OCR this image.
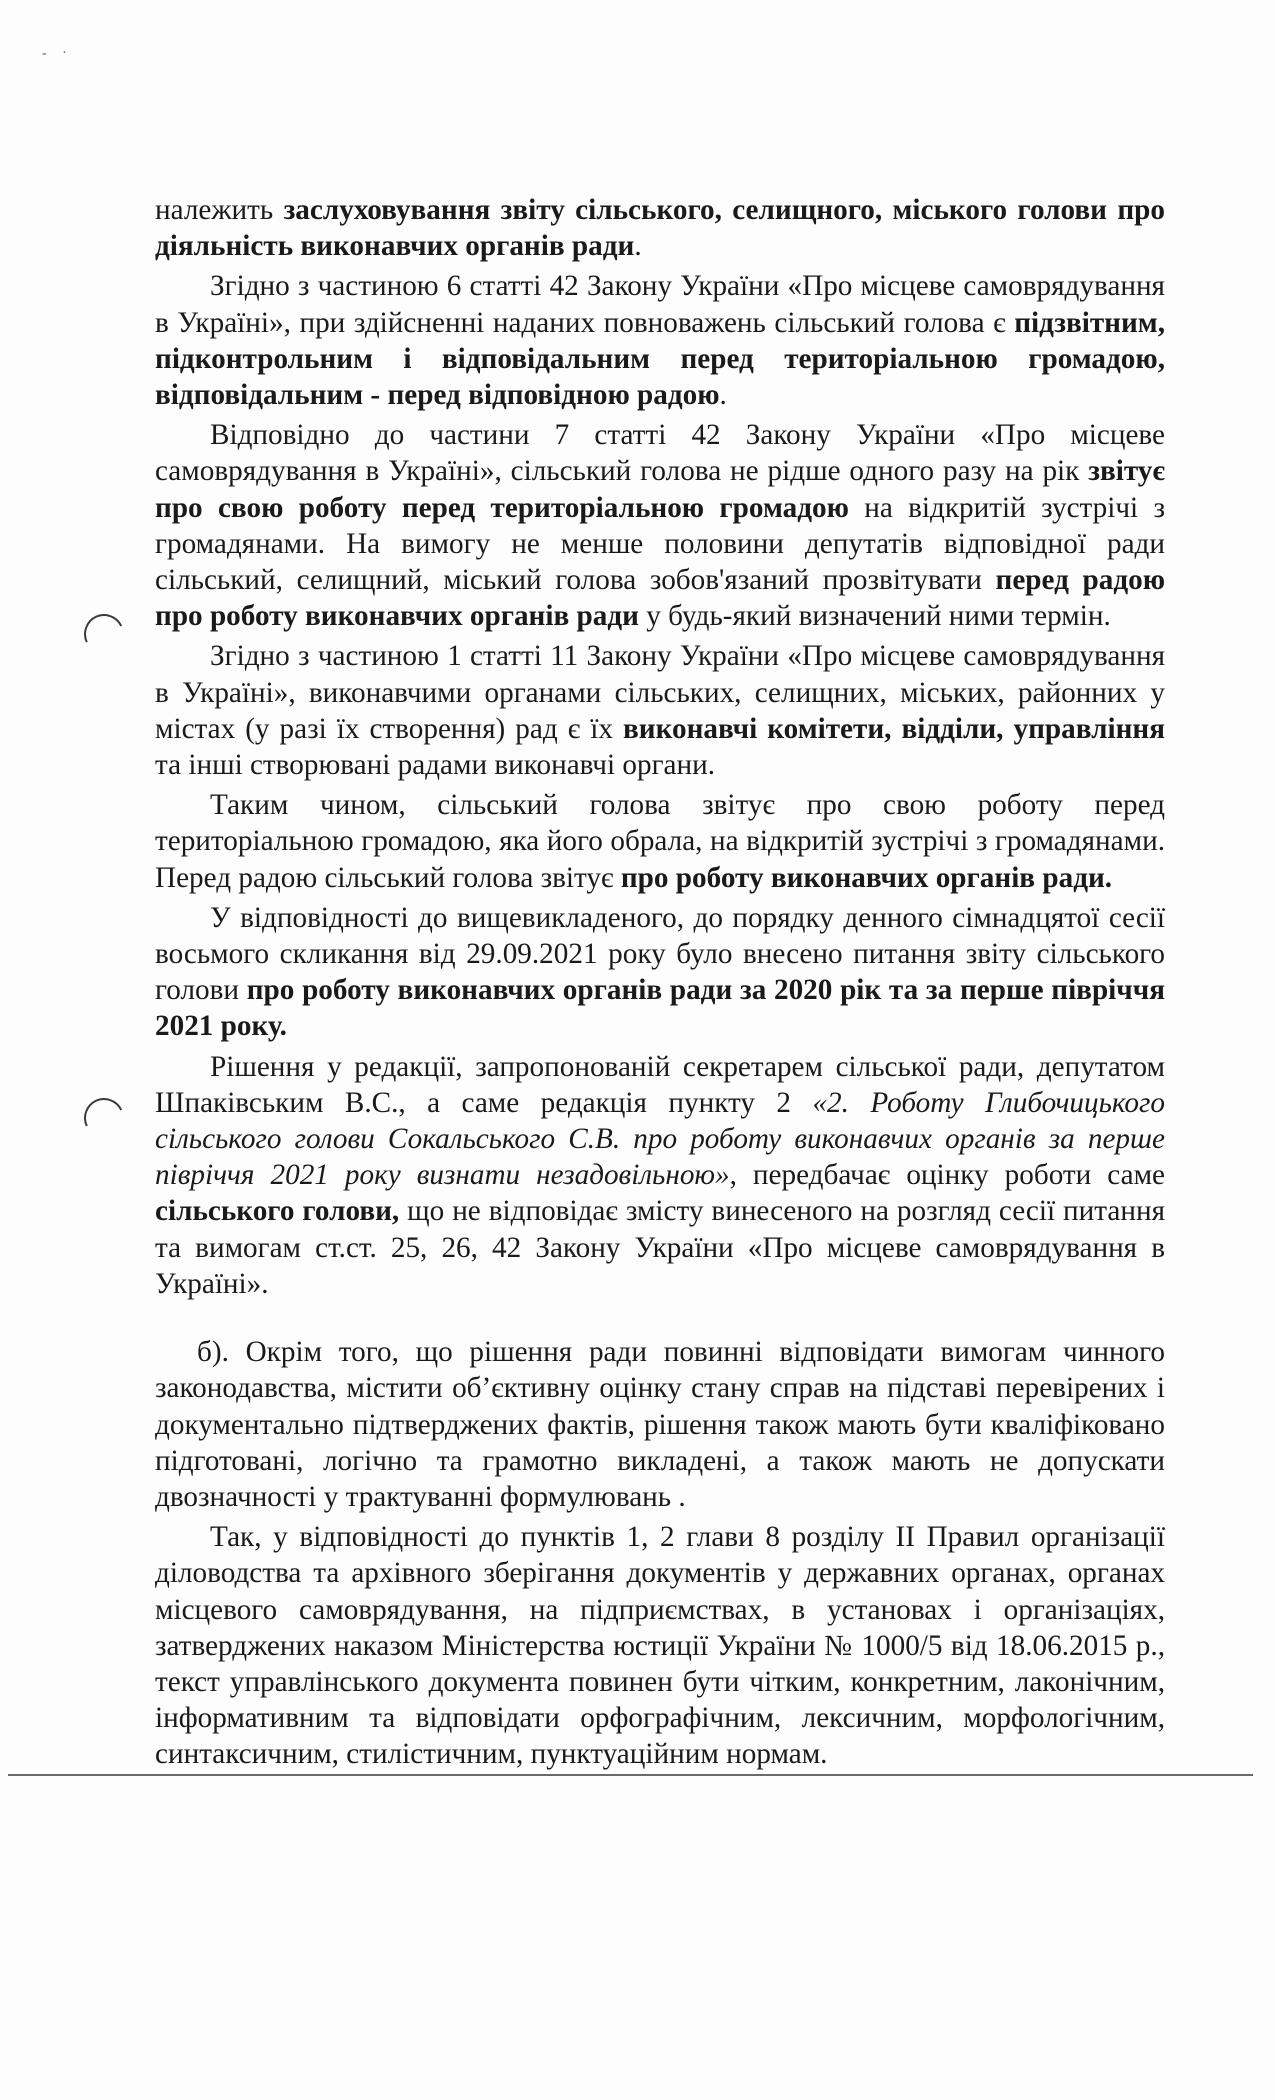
- ·

належить заслуховування звіту сільського, селищного, міського голови про діяльність виконавчих органів ради.

Згідно з частиною 6 статті 42 Закону України «Про місцеве самоврядування в Україні», при здійсненні наданих повноважень сільський голова є підзвітним, підконтрольним і відповідальним перед територіальною громадою, відповідальним - перед відповідною радою.

Відповідно до частини 7 статті 42 Закону України «Про місцеве самоврядування в Україні», сільський голова не рідше одного разу на рік звітує про свою роботу перед територіальною громадою на відкритій зустрічі з громадянами. На вимогу не менше половини депутатів відповідної ради сільський, селищний, міський голова зобов'язаний прозвітувати перед радою про роботу виконавчих органів ради у будь-який визначений ними термін.

Згідно з частиною 1 статті 11 Закону України «Про місцеве самоврядування в Україні», виконавчими органами сільських, селищних, міських, районних у містах (у разі їх створення) рад є їх виконавчі комітети, відділи, управління та інші створювані радами виконавчі органи.

Таким чином, сільський голова звітує про свою роботу перед територіальною громадою, яка його обрала, на відкритій зустрічі з громадянами. Перед радою сільський голова звітує про роботу виконавчих органів ради.

У відповідності до вищевикладеного, до порядку денного сімнадцятої сесії восьмого скликання від 29.09.2021 року було внесено питання звіту сільського голови про роботу виконавчих органів ради за 2020 рік та за перше півріччя 2021 року.

Рішення у редакції, запропонованій секретарем сільської ради, депутатом Шпаківським В.С., а саме редакція пункту 2 «2. Роботу Глибочицького сільського голови Сокальського С.В. про роботу виконавчих органів за перше півріччя 2021 року визнати незадовільною», передбачає оцінку роботи саме сільського голови, що не відповідає змісту винесеного на розгляд сесії питання та вимогам ст.ст. 25, 26, 42 Закону України «Про місцеве самоврядування в Україні».

б). Окрім того, що рішення ради повинні відповідати вимогам чинного законодавства, містити об’єктивну оцінку стану справ на підставі перевірених і документально підтверджених фактів, рішення також мають бути кваліфіковано підготовані, логічно та грамотно викладені, а також мають не допускати двозначності у трактуванні формулювань .

Так, у відповідності до пунктів 1, 2 глави 8 розділу II Правил організації діловодства та архівного зберігання документів у державних органах, органах місцевого самоврядування, на підприємствах, в установах і організаціях, затверджених наказом Міністерства юстиції України № 1000/5 від 18.06.2015 р., текст управлінського документа повинен бути чітким, конкретним, лаконічним, інформативним та відповідати орфографічним, лексичним, морфологічним, синтаксичним, стилістичним, пунктуаційним нормам.
